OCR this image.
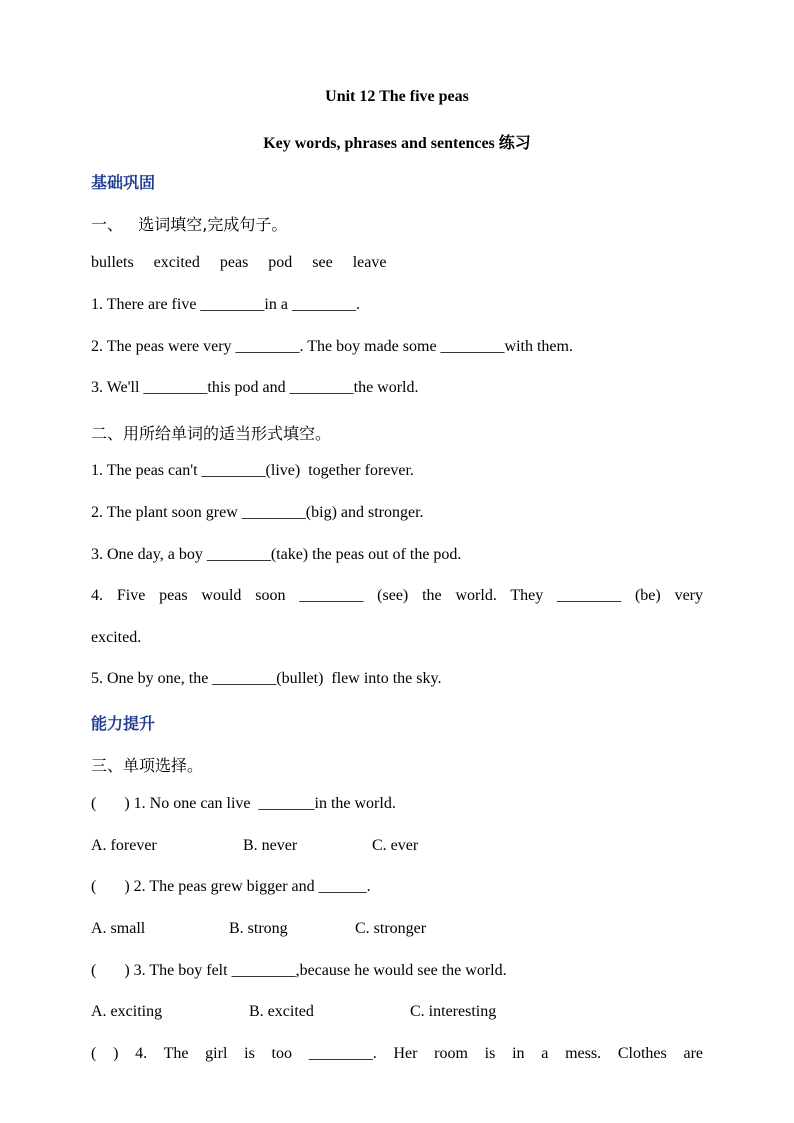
Unit 12 The five peas
Key words, phrases and sentences 练习
基础巩固
一、   选词填空,完成句子。
bullets     excited     peas     pod     see     leave
1. There are five ________in a ________.
2. The peas were very ________. The boy made some ________with them.
3. We'll ________this pod and ________the world.
二、用所给单词的适当形式填空。
1. The peas can't ________(live)  together forever.
2. The plant soon grew ________(big) and stronger.
3. One day, a boy ________(take) the peas out of the pod.
4. Five peas would soon ________ (see) the world. They ________ (be) very
excited.
5. One by one, the ________(bullet)  flew into the sky.
能力提升
三、单项选择。
(       ) 1. No one can live  _______in the world.
A. forever	B. never	C. ever
(       ) 2. The peas grew bigger and ______.
A. small	B. strong	C. stronger
(       ) 3. The boy felt ________,because he would see the world.
A. exciting	B. excited	C. interesting
( ) 4. The girl is too ________. Her room is in a mess. Clothes are
